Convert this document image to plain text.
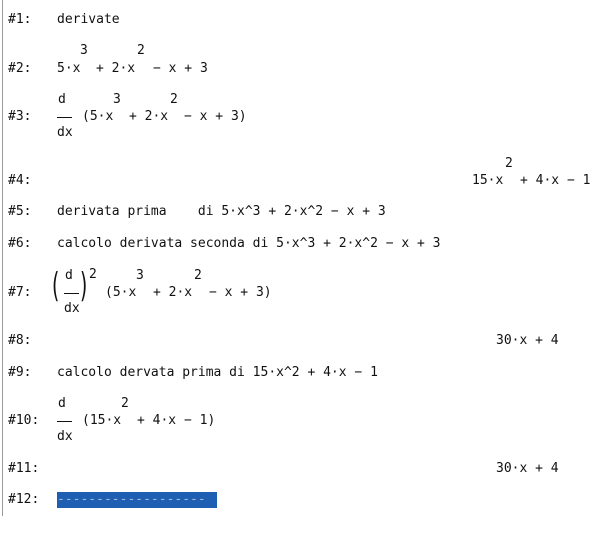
#1: derivate
#2:
3	2
5·x + 2·x − x + 3
#3:
d
dx
3	2
(5·x + 2·x − x + 3)
#4:
2
15·x + 4·x − 1
#5: derivata prima    di 5·x^3 + 2·x^2 − x + 3
#6: calcolo derivata seconda di 5·x^3 + 2·x^2 − x + 3
#7: ( d
dx
) 2	3	2
(5·x + 2·x − x + 3)
#8:	30·x + 4
#9: calcolo dervata prima di 15·x^2 + 4·x − 1
#10:
d
dx
2
(15·x + 4·x − 1)
#11:	30·x + 4
#12: -------------------
